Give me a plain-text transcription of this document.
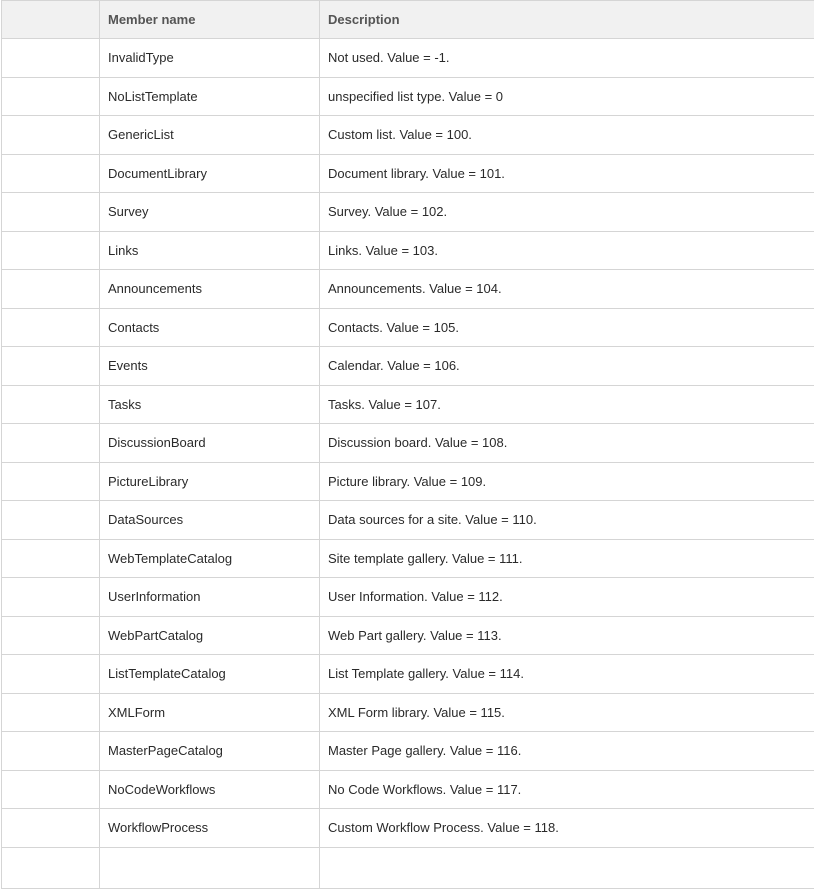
	Member name	Description
	InvalidType	Not used. Value = -1.
	NoListTemplate	unspecified list type. Value = 0
	GenericList	Custom list. Value = 100.
	DocumentLibrary	Document library. Value = 101.
	Survey	Survey. Value = 102.
	Links	Links. Value = 103.
	Announcements	Announcements. Value = 104.
	Contacts	Contacts. Value = 105.
	Events	Calendar. Value = 106.
	Tasks	Tasks. Value = 107.
	DiscussionBoard	Discussion board. Value = 108.
	PictureLibrary	Picture library. Value = 109.
	DataSources	Data sources for a site. Value = 110.
	WebTemplateCatalog	Site template gallery. Value = 111.
	UserInformation	User Information. Value = 112.
	WebPartCatalog	Web Part gallery. Value = 113.
	ListTemplateCatalog	List Template gallery. Value = 114.
	XMLForm	XML Form library. Value = 115.
	MasterPageCatalog	Master Page gallery. Value = 116.
	NoCodeWorkflows	No Code Workflows. Value = 117.
	WorkflowProcess	Custom Workflow Process. Value = 118.
